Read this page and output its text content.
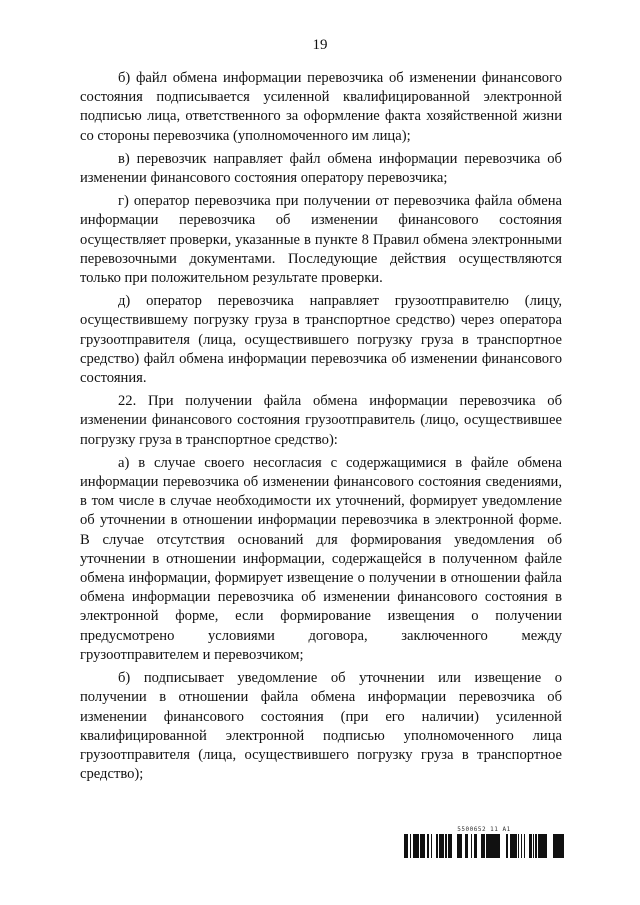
19

б) файл обмена информации перевозчика об изменении финансового состояния подписывается усиленной квалифицированной электронной подписью лица, ответственного за оформление факта хозяйственной жизни со стороны перевозчика (уполномоченного им лица);

в) перевозчик направляет файл обмена информации перевозчика об изменении финансового состояния оператору перевозчика;

г) оператор перевозчика при получении от перевозчика файла обмена информации перевозчика об изменении финансового состояния осуществляет проверки, указанные в пункте 8 Правил обмена электронными перевозочными документами. Последующие действия осуществляются только при положительном результате проверки.

д) оператор перевозчика направляет грузоотправителю (лицу, осуществившему погрузку груза в транспортное средство) через оператора грузоотправителя (лица, осуществившего погрузку груза в транспортное средство) файл обмена информации перевозчика об изменении финансового состояния.

22. При получении файла обмена информации перевозчика об изменении финансового состояния грузоотправитель (лицо, осуществившее погрузку груза в транспортное средство):

а) в случае своего несогласия с содержащимися в файле обмена информации перевозчика об изменении финансового состояния сведениями, в том числе в случае необходимости их уточнений, формирует уведомление об уточнении в отношении информации перевозчика в электронной форме. В случае отсутствия оснований для формирования уведомления об уточнении в отношении информации, содержащейся в полученном файле обмена информации, формирует извещение о получении в отношении файла обмена информации перевозчика об изменении финансового состояния в электронной форме, если формирование извещения о получении предусмотрено условиями договора, заключенного между грузоотправителем и перевозчиком;

б) подписывает уведомление об уточнении или извещение о получении в отношении файла обмена информации перевозчика об изменении финансового состояния (при его наличии) усиленной квалифицированной электронной подписью уполномоченного лица грузоотправителя (лица, осуществившего погрузку груза в транспортное средство);

5500652 11 А1
